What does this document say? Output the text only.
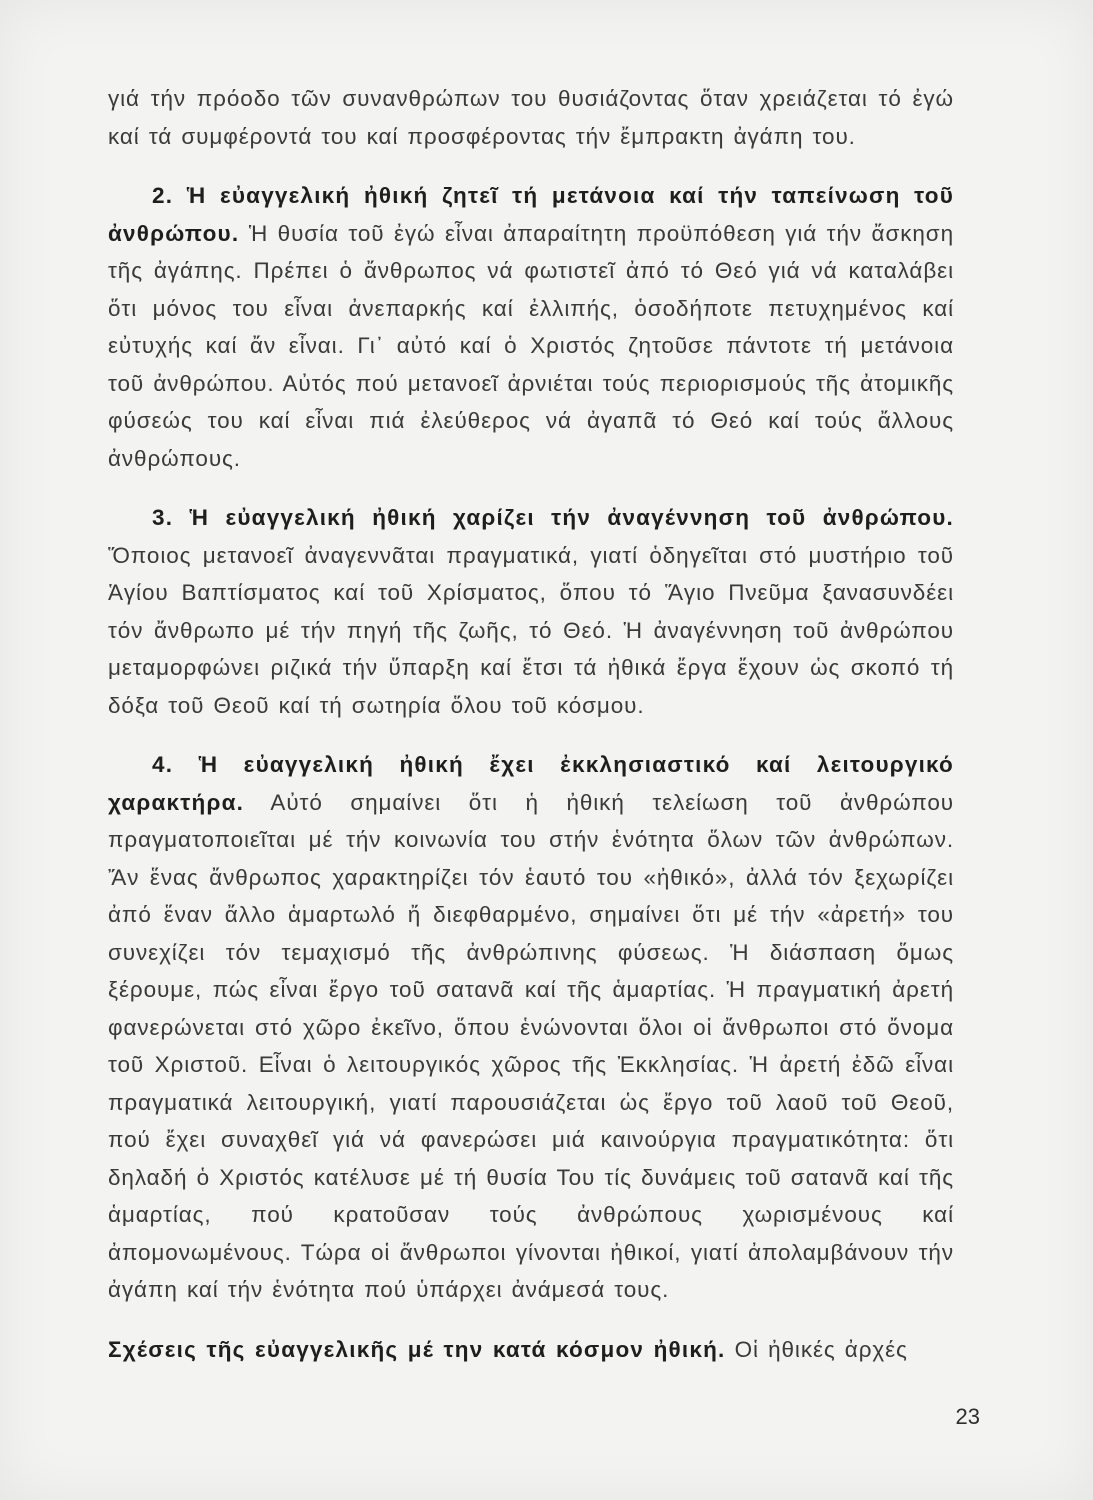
γιά τήν πρόοδο τῶν συνανθρώπων του θυσιάζοντας ὅταν χρειάζεται τό ἐγώ καί τά συμφέροντά του καί προσφέροντας τήν ἔμπρακτη ἀγάπη του.

2. Ἡ εὐαγγελική ἠθική ζητεῖ τή μετάνοια καί τήν ταπείνωση τοῦ ἀνθρώπου. Ἡ θυσία τοῦ ἐγώ εἶναι ἀπαραίτητη προϋπόθεση γιά τήν ἄσκηση τῆς ἀγάπης. Πρέπει ὁ ἄνθρωπος νά φωτιστεῖ ἀπό τό Θεό γιά νά καταλάβει ὅτι μόνος του εἶναι ἀνεπαρκής καί ἐλλιπής, ὁσοδήποτε πετυχημένος καί εὐτυχής καί ἄν εἶναι. Γι᾽ αὐτό καί ὁ Χριστός ζητοῦσε πάντοτε τή μετάνοια τοῦ ἀνθρώπου. Αὐτός πού μετανοεῖ ἀρνιέται τούς περιορισμούς τῆς ἀτομικῆς φύσεώς του καί εἶναι πιά ἐλεύθερος νά ἀγαπᾶ τό Θεό καί τούς ἄλλους ἀνθρώπους.

3. Ἡ εὐαγγελική ἠθική χαρίζει τήν ἀναγέννηση τοῦ ἀνθρώπου. Ὅποιος μετανοεῖ ἀναγεννᾶται πραγματικά, γιατί ὁδηγεῖται στό μυστήριο τοῦ Ἁγίου Βαπτίσματος καί τοῦ Χρίσματος, ὅπου τό Ἅγιο Πνεῦμα ξανασυνδέει τόν ἄνθρωπο μέ τήν πηγή τῆς ζωῆς, τό Θεό. Ἡ ἀναγέννηση τοῦ ἀνθρώπου μεταμορφώνει ριζικά τήν ὕπαρξη καί ἔτσι τά ἠθικά ἔργα ἔχουν ὡς σκοπό τή δόξα τοῦ Θεοῦ καί τή σωτηρία ὅλου τοῦ κόσμου.

4. Ἡ εὐαγγελική ἠθική ἔχει ἐκκλησιαστικό καί λειτουργικό χαρακτήρα. Αὐτό σημαίνει ὅτι ἡ ἠθική τελείωση τοῦ ἀνθρώπου πραγματοποιεῖται μέ τήν κοινωνία του στήν ἑνότητα ὅλων τῶν ἀνθρώπων. Ἄν ἕνας ἄνθρωπος χαρακτηρίζει τόν ἑαυτό του «ἠθικό», ἀλλά τόν ξεχωρίζει ἀπό ἕναν ἄλλο ἁμαρτωλό ἤ διεφθαρμένο, σημαίνει ὅτι μέ τήν «ἀρετή» του συνεχίζει τόν τεμαχισμό τῆς ἀνθρώπινης φύσεως. Ἡ διάσπαση ὅμως ξέρουμε, πώς εἶναι ἔργο τοῦ σατανᾶ καί τῆς ἁμαρτίας. Ἡ πραγματική ἀρετή φανερώνεται στό χῶρο ἐκεῖνο, ὅπου ἑνώνονται ὅλοι οἱ ἄνθρωποι στό ὄνομα τοῦ Χριστοῦ. Εἶναι ὁ λειτουργικός χῶρος τῆς Ἐκκλησίας. Ἡ ἀρετή ἐδῶ εἶναι πραγματικά λειτουργική, γιατί παρουσιάζεται ὡς ἔργο τοῦ λαοῦ τοῦ Θεοῦ, πού ἔχει συναχθεῖ γιά νά φανερώσει μιά καινούργια πραγματικότητα: ὅτι δηλαδή ὁ Χριστός κατέλυσε μέ τή θυσία Του τίς δυνάμεις τοῦ σατανᾶ καί τῆς ἁμαρτίας, πού κρατοῦσαν τούς ἀνθρώπους χωρισμένους καί ἀπομονωμένους. Τώρα οἱ ἄνθρωποι γίνονται ἠθικοί, γιατί ἀπολαμβάνουν τήν ἀγάπη καί τήν ἑνότητα πού ὑπάρχει ἀνάμεσά τους.

Σχέσεις τῆς εὐαγγελικῆς μέ την κατά κόσμον ἠθική. Οἱ ἠθικές ἀρχές

23
